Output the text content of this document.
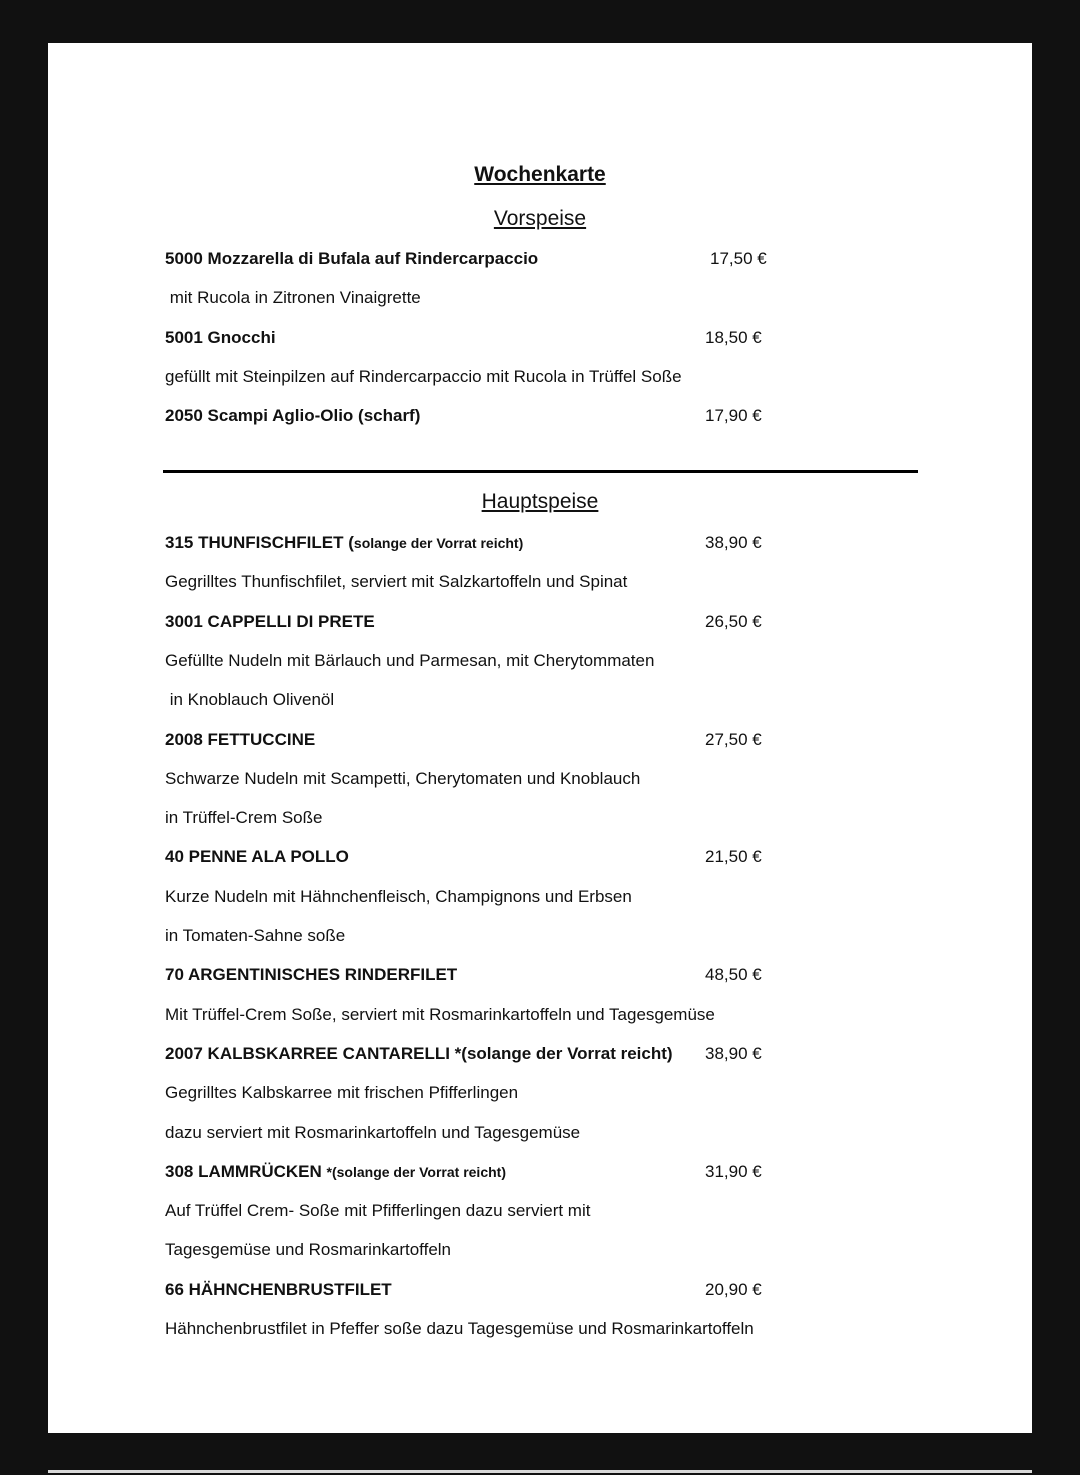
Wochenkarte
Vorspeise
5000 Mozzarella di Bufala auf Rindercarpaccio	17,50 €
mit Rucola in Zitronen Vinaigrette
5001 Gnocchi	18,50 €
gefüllt mit Steinpilzen auf Rindercarpaccio mit Rucola in Trüffel Soße
2050 Scampi Aglio-Olio (scharf)	17,90 €
Hauptspeise
315 THUNFISCHFILET (solange der Vorrat reicht)	38,90 €
Gegrilltes Thunfischfilet, serviert mit Salzkartoffeln und Spinat
3001 CAPPELLI DI PRETE	26,50 €
Gefüllte Nudeln mit Bärlauch und Parmesan, mit Cherytommaten
in Knoblauch Olivenöl
2008 FETTUCCINE	27,50 €
Schwarze Nudeln mit Scampetti, Cherytomaten und Knoblauch
in Trüffel-Crem Soße
40 PENNE ALA POLLO	21,50 €
Kurze Nudeln mit Hähnchenfleisch, Champignons und Erbsen
in Tomaten-Sahne soße
70 ARGENTINISCHES RINDERFILET	48,50 €
Mit Trüffel-Crem Soße, serviert mit Rosmarinkartoffeln und Tagesgemüse
2007 KALBSKARREE CANTARELLI *(solange der Vorrat reicht) 38,90 €
Gegrilltes Kalbskarree mit frischen Pfifferlingen
dazu serviert mit Rosmarinkartoffeln und Tagesgemüse
308 LAMMRÜCKEN *(solange der Vorrat reicht)	31,90 €
Auf Trüffel Crem- Soße mit Pfifferlingen dazu serviert mit
Tagesgemüse und Rosmarinkartoffeln
66 HÄHNCHENBRUSTFILET	20,90 €
Hähnchenbrustfilet in Pfeffer soße dazu Tagesgemüse und Rosmarinkartoffeln
